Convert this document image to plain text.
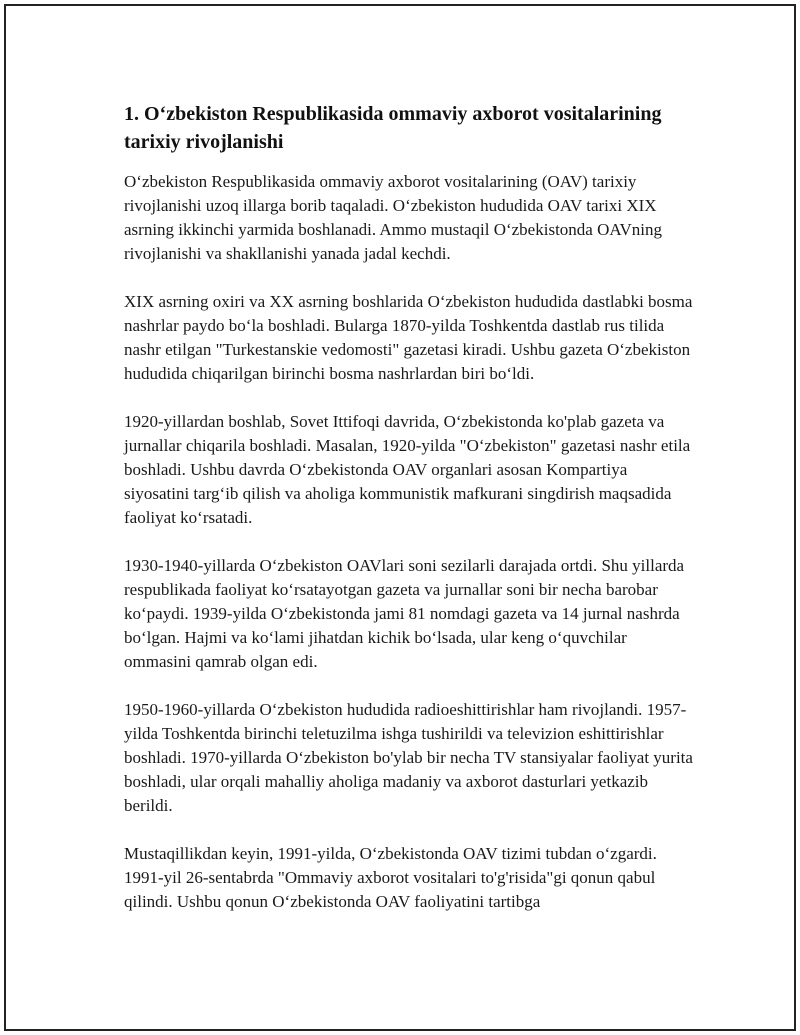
1. O‘zbekiston Respublikasida ommaviy axborot vositalarining tarixiy rivojlanishi

O‘zbekiston Respublikasida ommaviy axborot vositalarining (OAV) tarixiy rivojlanishi uzoq illarga borib taqaladi. O‘zbekiston hududida OAV tarixi XIX asrning ikkinchi yarmida boshlanadi. Ammo mustaqil O‘zbekistonda OAVning rivojlanishi va shakllanishi yanada jadal kechdi.

XIX asrning oxiri va XX asrning boshlarida O‘zbekiston hududida dastlabki bosma nashrlar paydo bo‘la boshladi. Bularga 1870-yilda Toshkentda dastlab rus tilida nashr etilgan "Turkestanskie vedomosti" gazetasi kiradi. Ushbu gazeta O‘zbekiston hududida chiqarilgan birinchi bosma nashrlardan biri bo‘ldi.

1920-yillardan boshlab, Sovet Ittifoqi davrida, O‘zbekistonda ko'plab gazeta va jurnallar chiqarila boshladi. Masalan, 1920-yilda "O‘zbekiston" gazetasi nashr etila boshladi. Ushbu davrda O‘zbekistonda OAV organlari asosan Kompartiya siyosatini targ‘ib qilish va aholiga kommunistik mafkurani singdirish maqsadida faoliyat ko‘rsatadi.

1930-1940-yillarda O‘zbekiston OAVlari soni sezilarli darajada ortdi. Shu yillarda respublikada faoliyat ko‘rsatayotgan gazeta va jurnallar soni bir necha barobar ko‘paydi. 1939-yilda O‘zbekistonda jami 81 nomdagi gazeta va 14 jurnal nashrda bo‘lgan. Hajmi va ko‘lami jihatdan kichik bo‘lsada, ular keng o‘quvchilar ommasini qamrab olgan edi.

1950-1960-yillarda O‘zbekiston hududida radioeshittirishlar ham rivojlandi. 1957-yilda Toshkentda birinchi teletuzilma ishga tushirildi va televizion eshittirishlar boshladi. 1970-yillarda O‘zbekiston bo'ylab bir necha TV stansiyalar faoliyat yurita boshladi, ular orqali mahalliy aholiga madaniy va axborot dasturlari yetkazib berildi.

Mustaqillikdan keyin, 1991-yilda, O‘zbekistonda OAV tizimi tubdan o‘zgardi. 1991-yil 26-sentabrda "Ommaviy axborot vositalari to'g'risida"gi qonun qabul qilindi. Ushbu qonun O‘zbekistonda OAV faoliyatini tartibga
